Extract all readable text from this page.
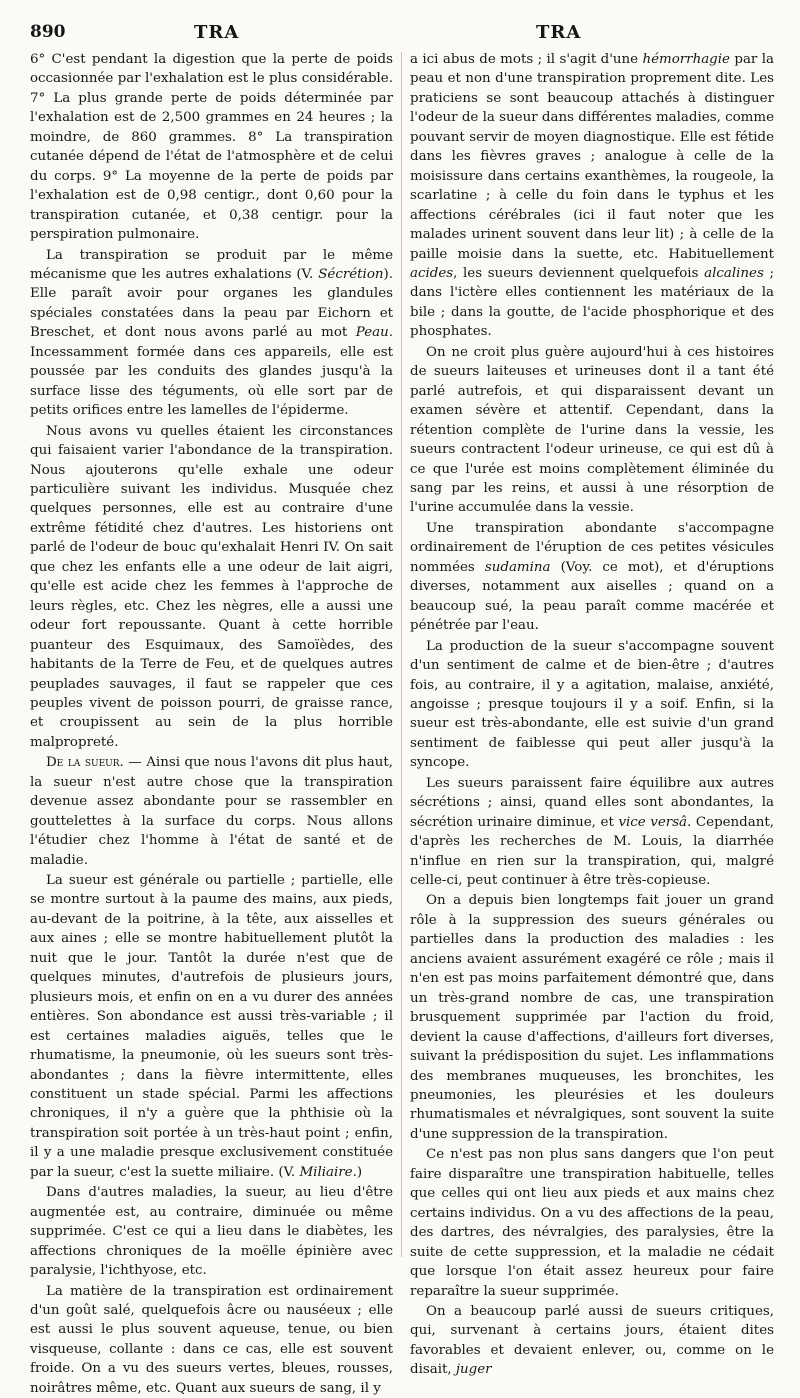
890	TRA	TRA

6° C'est pendant la digestion que la perte de poids occasionnée par l'exhalation est le plus considérable. 7° La plus grande perte de poids déterminée par l'exhalation est de 2,500 grammes en 24 heures ; la moindre, de 860 grammes. 8° La transpiration cutanée dépend de l'état de l'atmosphère et de celui du corps. 9° La moyenne de la perte de poids par l'exhalation est de 0,98 centigr., dont 0,60 pour la transpiration cutanée, et 0,38 centigr. pour la perspiration pulmonaire.

La transpiration se produit par le même mécanisme que les autres exhalations (V. Sécrétion). Elle paraît avoir pour organes les glandules spéciales constatées dans la peau par Eichorn et Breschet, et dont nous avons parlé au mot Peau. Incessamment formée dans ces appareils, elle est poussée par les conduits des glandes jusqu'à la surface lisse des téguments, où elle sort par de petits orifices entre les lamelles de l'épiderme.

Nous avons vu quelles étaient les circonstances qui faisaient varier l'abondance de la transpiration. Nous ajouterons qu'elle exhale une odeur particulière suivant les individus. Musquée chez quelques personnes, elle est au contraire d'une extrême fétidité chez d'autres. Les historiens ont parlé de l'odeur de bouc qu'exhalait Henri IV. On sait que chez les enfants elle a une odeur de lait aigri, qu'elle est acide chez les femmes à l'approche de leurs règles, etc. Chez les nègres, elle a aussi une odeur fort repoussante. Quant à cette horrible puanteur des Esquimaux, des Samoïèdes, des habitants de la Terre de Feu, et de quelques autres peuplades sauvages, il faut se rappeler que ces peuples vivent de poisson pourri, de graisse rance, et croupissent au sein de la plus horrible malpropreté.

De la sueur. — Ainsi que nous l'avons dit plus haut, la sueur n'est autre chose que la transpiration devenue assez abondante pour se rassembler en gouttelettes à la surface du corps. Nous allons l'étudier chez l'homme à l'état de santé et de maladie.

La sueur est générale ou partielle ; partielle, elle se montre surtout à la paume des mains, aux pieds, au-devant de la poitrine, à la tête, aux aisselles et aux aines ; elle se montre habituellement plutôt la nuit que le jour. Tantôt la durée n'est que de quelques minutes, d'autrefois de plusieurs jours, plusieurs mois, et enfin on en a vu durer des années entières. Son abondance est aussi très-variable ; il est certaines maladies aiguës, telles que le rhumatisme, la pneumonie, où les sueurs sont très-abondantes ; dans la fièvre intermittente, elles constituent un stade spécial. Parmi les affections chroniques, il n'y a guère que la phthisie où la transpiration soit portée à un très-haut point ; enfin, il y a une maladie presque exclusivement constituée par la sueur, c'est la suette miliaire. (V. Miliaire.)

Dans d'autres maladies, la sueur, au lieu d'être augmentée est, au contraire, diminuée ou même supprimée. C'est ce qui a lieu dans le diabètes, les affections chroniques de la moëlle épinière avec paralysie, l'ichthyose, etc.

La matière de la transpiration est ordinairement d'un goût salé, quelquefois âcre ou nauséeux ; elle est aussi le plus souvent aqueuse, tenue, ou bien visqueuse, collante : dans ce cas, elle est souvent froide. On a vu des sueurs vertes, bleues, rousses, noirâtres même, etc. Quant aux sueurs de sang, il y

a ici abus de mots ; il s'agit d'une hémorrhagie par la peau et non d'une transpiration proprement dite. Les praticiens se sont beaucoup attachés à distinguer l'odeur de la sueur dans différentes maladies, comme pouvant servir de moyen diagnostique. Elle est fétide dans les fièvres graves ; analogue à celle de la moisissure dans certains exanthèmes, la rougeole, la scarlatine ; à celle du foin dans le typhus et les affections cérébrales (ici il faut noter que les malades urinent souvent dans leur lit) ; à celle de la paille moisie dans la suette, etc. Habituellement acides, les sueurs deviennent quelquefois alcalines ; dans l'ictère elles contiennent les matériaux de la bile ; dans la goutte, de l'acide phosphorique et des phosphates.

On ne croit plus guère aujourd'hui à ces histoires de sueurs laiteuses et urineuses dont il a tant été parlé autrefois, et qui disparaissent devant un examen sévère et attentif. Cependant, dans la rétention complète de l'urine dans la vessie, les sueurs contractent l'odeur urineuse, ce qui est dû à ce que l'urée est moins complètement éliminée du sang par les reins, et aussi à une résorption de l'urine accumulée dans la vessie.

Une transpiration abondante s'accompagne ordinairement de l'éruption de ces petites vésicules nommées sudamina (Voy. ce mot), et d'éruptions diverses, notamment aux aiselles ; quand on a beaucoup sué, la peau paraît comme macérée et pénétrée par l'eau.

La production de la sueur s'accompagne souvent d'un sentiment de calme et de bien-être ; d'autres fois, au contraire, il y a agitation, malaise, anxiété, angoisse ; presque toujours il y a soif. Enfin, si la sueur est très-abondante, elle est suivie d'un grand sentiment de faiblesse qui peut aller jusqu'à la syncope.

Les sueurs paraissent faire équilibre aux autres sécrétions ; ainsi, quand elles sont abondantes, la sécrétion urinaire diminue, et vice versâ. Cependant, d'après les recherches de M. Louis, la diarrhée n'influe en rien sur la transpiration, qui, malgré celle-ci, peut continuer à être très-copieuse.

On a depuis bien longtemps fait jouer un grand rôle à la suppression des sueurs générales ou partielles dans la production des maladies : les anciens avaient assurément exagéré ce rôle ; mais il n'en est pas moins parfaitement démontré que, dans un très-grand nombre de cas, une transpiration brusquement supprimée par l'action du froid, devient la cause d'affections, d'ailleurs fort diverses, suivant la prédisposition du sujet. Les inflammations des membranes muqueuses, les bronchites, les pneumonies, les pleurésies et les douleurs rhumatismales et névralgiques, sont souvent la suite d'une suppression de la transpiration.

Ce n'est pas non plus sans dangers que l'on peut faire disparaître une transpiration habituelle, telles que celles qui ont lieu aux pieds et aux mains chez certains individus. On a vu des affections de la peau, des dartres, des névralgies, des paralysies, être la suite de cette suppression, et la maladie ne cédait que lorsque l'on était assez heureux pour faire reparaître la sueur supprimée.

On a beaucoup parlé aussi de sueurs critiques, qui, survenant à certains jours, étaient dites favorables et devaient enlever, ou, comme on le disait, juger
